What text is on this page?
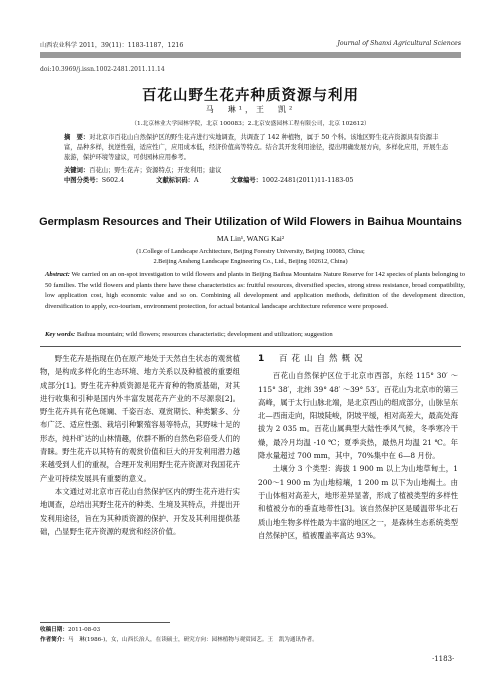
山西农业科学 2011，39(11)：1183-1187，1216	Journal of Shanxi Agricultural Sciences
doi:10.3969/j.issn.1002-2481.2011.11.14
百花山野生花卉种质资源与利用
马　琳¹，王　凯²
（1.北京林业大学园林学院，北京 100083；2.北京安盛园林工程有限公司，北京 102612）
摘　要：对北京市百花山自然保护区的野生花卉进行实地调查，共调查了 142 种植物，属于 50 个科。该地区野生花卉资源具有资源丰富，品种多样，抗逆性强，适应性广，应用成本低，经济价值高等特点。结合其开发利用途径，提出明确发展方向，多样化应用，开展生态旅游，保护环境等建议，可供园林应用参考。
关键词：百花山；野生花卉；资源特点；开发利用；建议
中图分类号：S602.4	文献标识码：A	文章编号：1002-2481(2011)11-1183-05
Germplasm Resources and Their Utilization of Wild Flowers in Baihua Mountains
MA Lin¹, WANG Kai²
(1.College of Landscape Architecture, Beijing Forestry University, Beijing 100083, China;
2.Beijing Ansheng Landscape Engineering Co., Ltd., Beijing 102612, China)
Abstract: We carried on an on-spot investigation to wild flowers and plants in Beijing Baihua Mountains Nature Reserve for 142 species of plants belonging to 50 families. The wild flowers and plants there have these characteristics as: fruitful resources, diversified species, strong stress resistance, broad compatibility, low application cost, high economic value and so on. Combining all development and application methods, definition of the development direction, diversification to apply, eco-tourism, environment protection, for actual botanical landscape architecture reference were proposed.
Key words: Baihua mountain; wild flowers; resources characteristic; development and utilization; suggestion

野生花卉是指现在仍在原产地处于天然自生状态的观赏植物，是构成多样化的生态环境、地方关系以及种植被的重要组成部分[1]。野生花卉种质资源是花卉育种的物质基础，对其进行收集和引种是国内外丰富发展花卉产业的不尽源泉[2]。野生花卉具有花色斑斓、千姿百态、观赏期长、种类繁多、分布广泛、适应性强、栽培引种繁殖容易等特点，其野味十足的形态，纯朴旷达的山林情趣，依群不断的自然色彩倍受人们的青睐。野生花卉以其特有的观赏价值和巨大的开发利用潜力越来越受到人们的重视，合理开发利用野生花卉资源对我国花卉产业可持续发展具有重要的意义。

本文通过对北京市百花山自然保护区内的野生花卉进行实地调查，总结出其野生花卉的种类、生境及其特点，并提出开发利用途径，旨在为其种质资源的保护、开发及其利用提供基础，凸显野生花卉资源的观赏和经济价值。

1 百花山自然概况

百花山自然保护区位于北京市西部，东经 115° 30′ ～115° 38′，北纬 39° 48′ ～39° 53′。百花山为北京市的第三高峰，属于太行山脉北端，是北京西山的组成部分，山脉呈东北—西南走向，阳坡陡峻，阴坡平缓，相对高差大，最高处海拔为 2 035 m。百花山属典型大陆性季风气候，冬季寒冷干燥，最冷月均温 -10 ℃；夏季炎热，最热月均温 21 ℃。年降水量超过 700 mm，其中，70%集中在 6—8 月份。

土壤分 3 个类型：海拔 1 900 m 以上为山地草甸土，1 200～1 900 m 为山地棕壤，1 200 m 以下为山地褐土。由于山体相对高差大，地形差异显著，形成了植被类型的多样性和植被分布的垂直地带性[3]。该自然保护区是暖温带华北石质山地生物多样性最为丰富的地区之一，是森林生态系统类型自然保护区，植被覆盖率高达 93%。

收稿日期：2011-08-03
作者简介：马　琳(1986-)，女，山西长治人，在读硕士，研究方向：园林植物与观赏园艺。王　凯为通讯作者。
·1183·
